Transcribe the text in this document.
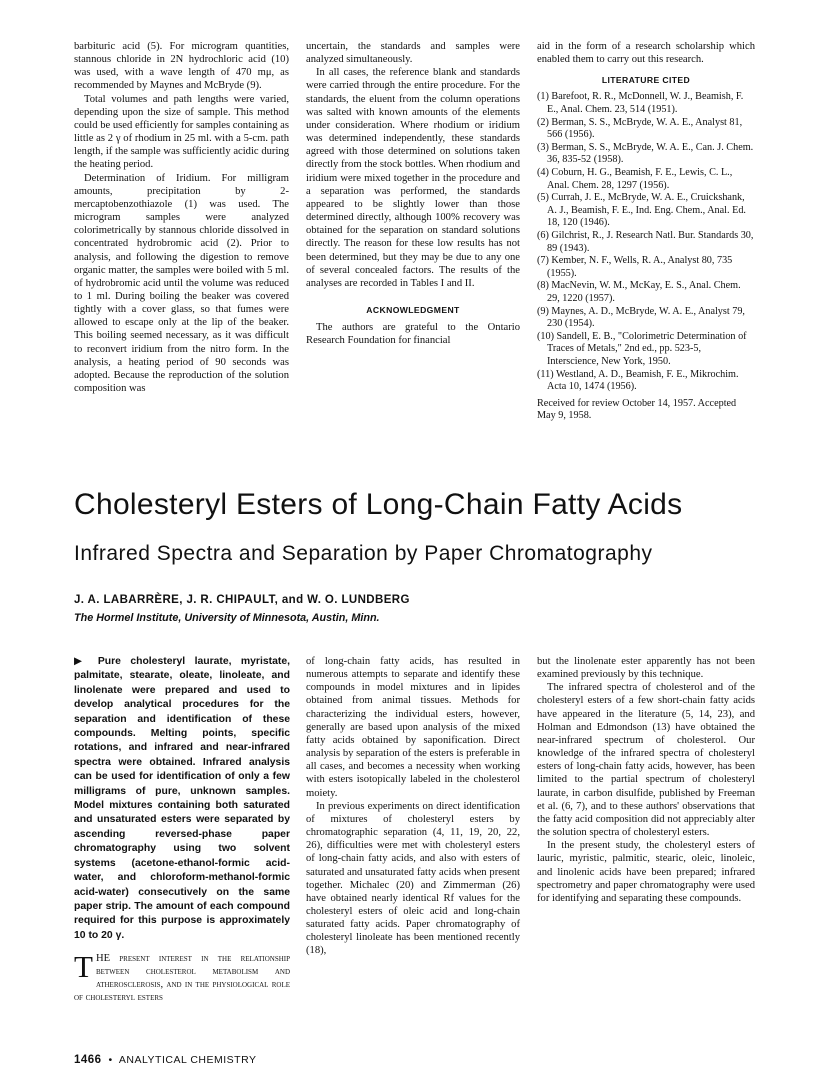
barbituric acid (5). For microgram quantities, stannous chloride in 2N hydrochloric acid (10) was used, with a wave length of 470 mμ, as recommended by Maynes and McBryde (9).

Total volumes and path lengths were varied, depending upon the size of sample. This method could be used efficiently for samples containing as little as 2 γ of rhodium in 25 ml. with a 5-cm. path length, if the sample was sufficiently acidic during the heating period.

Determination of Iridium. For milligram amounts, precipitation by 2-mercaptobenzothiazole (1) was used. The microgram samples were analyzed colorimetrically by stannous chloride dissolved in concentrated hydrobromic acid (2). Prior to analysis, and following the digestion to remove organic matter, the samples were boiled with 5 ml. of hydrobromic acid until the volume was reduced to 1 ml. During boiling the beaker was covered tightly with a cover glass, so that fumes were allowed to escape only at the lip of the beaker. This boiling seemed necessary, as it was difficult to reconvert iridium from the nitro form. In the analysis, a heating period of 90 seconds was adopted. Because the reproduction of the solution composition was

uncertain, the standards and samples were analyzed simultaneously.

In all cases, the reference blank and standards were carried through the entire procedure. For the standards, the eluent from the column operations was salted with known amounts of the elements under consideration. Where rhodium or iridium was determined independently, these standards agreed with those determined on solutions taken directly from the stock bottles. When rhodium and iridium were mixed together in the procedure and a separation was performed, the standards appeared to be slightly lower than those determined directly, although 100% recovery was obtained for the separation on standard solutions directly. The reason for these low results has not been determined, but they may be due to any one of several concealed factors. The results of the analyses are recorded in Tables I and II.

ACKNOWLEDGMENT

The authors are grateful to the Ontario Research Foundation for financial

aid in the form of a research scholarship which enabled them to carry out this research.

LITERATURE CITED
(1) Barefoot, R. R., McDonnell, W. J., Beamish, F. E., Anal. Chem. 23, 514 (1951).
(2) Berman, S. S., McBryde, W. A. E., Analyst 81, 566 (1956).
(3) Berman, S. S., McBryde, W. A. E., Can. J. Chem. 36, 835-52 (1958).
(4) Coburn, H. G., Beamish, F. E., Lewis, C. L., Anal. Chem. 28, 1297 (1956).
(5) Currah, J. E., McBryde, W. A. E., Cruickshank, A. J., Beamish, F. E., Ind. Eng. Chem., Anal. Ed. 18, 120 (1946).
(6) Gilchrist, R., J. Research Natl. Bur. Standards 30, 89 (1943).
(7) Kember, N. F., Wells, R. A., Analyst 80, 735 (1955).
(8) MacNevin, W. M., McKay, E. S., Anal. Chem. 29, 1220 (1957).
(9) Maynes, A. D., McBryde, W. A. E., Analyst 79, 230 (1954).
(10) Sandell, E. B., "Colorimetric Determination of Traces of Metals," 2nd ed., pp. 523-5, Interscience, New York, 1950.
(11) Westland, A. D., Beamish, F. E., Mikrochim. Acta 10, 1474 (1956).
Received for review October 14, 1957. Accepted May 9, 1958.
Cholesteryl Esters of Long-Chain Fatty Acids
Infrared Spectra and Separation by Paper Chromatography
J. A. LABARRÈRE, J. R. CHIPAULT, and W. O. LUNDBERG
The Hormel Institute, University of Minnesota, Austin, Minn.

▶ Pure cholesteryl laurate, myristate, palmitate, stearate, oleate, linoleate, and linolenate were prepared and used to develop analytical procedures for the separation and identification of these compounds. Melting points, specific rotations, and infrared and near-infrared spectra were obtained. Infrared analysis can be used for identification of only a few milligrams of pure, unknown samples. Model mixtures containing both saturated and unsaturated esters were separated by ascending reversed-phase paper chromatography using two solvent systems (acetone-ethanol-formic acid-water, and chloroform-methanol-formic acid-water) consecutively on the same paper strip. The amount of each compound required for this purpose is approximately 10 to 20 γ.

THE present interest in the relationship between cholesterol metabolism and atherosclerosis, and in the physiological role of cholesteryl esters

of long-chain fatty acids, has resulted in numerous attempts to separate and identify these compounds in model mixtures and in lipides obtained from animal tissues. Methods for characterizing the individual esters, however, generally are based upon analysis of the mixed fatty acids obtained by saponification. Direct analysis by separation of the esters is preferable in all cases, and becomes a necessity when working with esters isotopically labeled in the cholesterol moiety.

In previous experiments on direct identification of mixtures of cholesteryl esters by chromatographic separation (4, 11, 19, 20, 22, 26), difficulties were met with cholesteryl esters of long-chain fatty acids, and also with esters of saturated and unsaturated fatty acids when present together. Michalec (20) and Zimmerman (26) have obtained nearly identical Rf values for the cholesteryl esters of oleic acid and long-chain saturated fatty acids. Paper chromatography of cholesteryl linoleate has been mentioned recently (18),

but the linolenate ester apparently has not been examined previously by this technique.

The infrared spectra of cholesterol and of the cholesteryl esters of a few short-chain fatty acids have appeared in the literature (5, 14, 23), and Holman and Edmondson (13) have obtained the near-infrared spectrum of cholesterol. Our knowledge of the infrared spectra of cholesteryl esters of long-chain fatty acids, however, has been limited to the partial spectrum of cholesteryl laurate, in carbon disulfide, published by Freeman et al. (6, 7), and to these authors' observations that the fatty acid composition did not appreciably alter the solution spectra of cholesteryl esters.

In the present study, the cholesteryl esters of lauric, myristic, palmitic, stearic, oleic, linoleic, and linolenic acids have been prepared; infrared spectrometry and paper chromatography were used for identifying and separating these compounds.

1466 • ANALYTICAL CHEMISTRY
